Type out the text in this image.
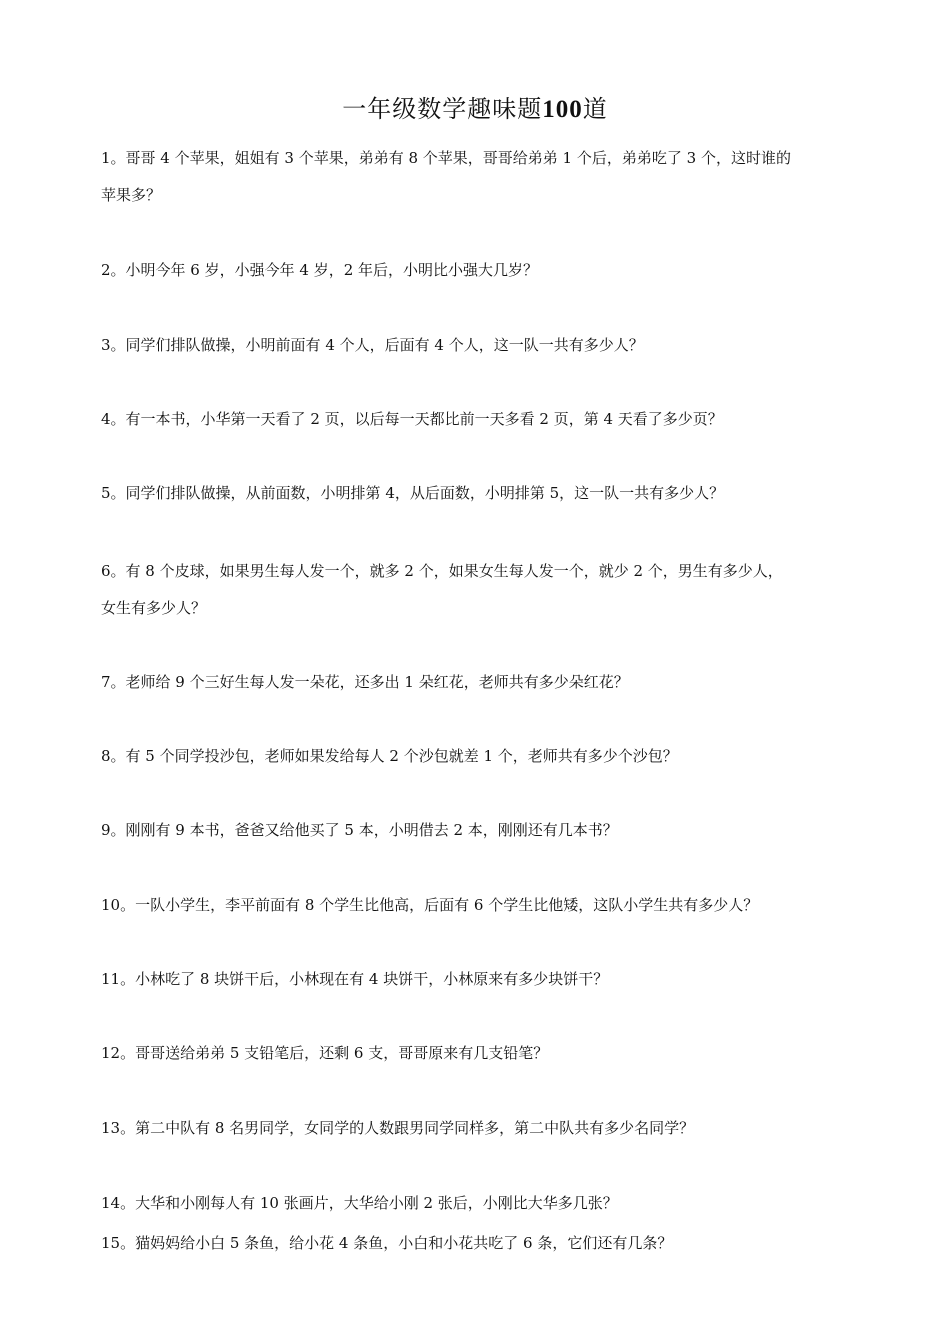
一年级数学趣味题100道
1。哥哥 4 个苹果，姐姐有 3 个苹果，弟弟有 8 个苹果，哥哥给弟弟 1 个后，弟弟吃了 3 个，这时谁的
苹果多？
2。小明今年 6 岁，小强今年 4 岁，2 年后，小明比小强大几岁？
3。同学们排队做操，小明前面有 4 个人，后面有 4 个人，这一队一共有多少人？
4。有一本书，小华第一天看了 2 页，以后每一天都比前一天多看 2 页，第 4 天看了多少页？
5。同学们排队做操，从前面数，小明排第 4，从后面数，小明排第 5，这一队一共有多少人？
6。有 8 个皮球，如果男生每人发一个，就多 2 个，如果女生每人发一个，就少 2 个，男生有多少人，
女生有多少人？
7。老师给 9 个三好生每人发一朵花，还多出 1 朵红花，老师共有多少朵红花？
8。有 5 个同学投沙包，老师如果发给每人 2 个沙包就差 1 个，老师共有多少个沙包？
9。刚刚有 9 本书，爸爸又给他买了 5 本，小明借去 2 本，刚刚还有几本书？
10。一队小学生，李平前面有 8 个学生比他高，后面有 6 个学生比他矮，这队小学生共有多少人？
11。小林吃了 8 块饼干后，小林现在有 4 块饼干，小林原来有多少块饼干？
12。哥哥送给弟弟 5 支铅笔后，还剩 6 支，哥哥原来有几支铅笔？
13。第二中队有 8 名男同学，女同学的人数跟男同学同样多，第二中队共有多少名同学？
14。大华和小刚每人有 10 张画片，大华给小刚 2 张后，小刚比大华多几张？
15。猫妈妈给小白 5 条鱼，给小花 4 条鱼，小白和小花共吃了 6 条，它们还有几条？
